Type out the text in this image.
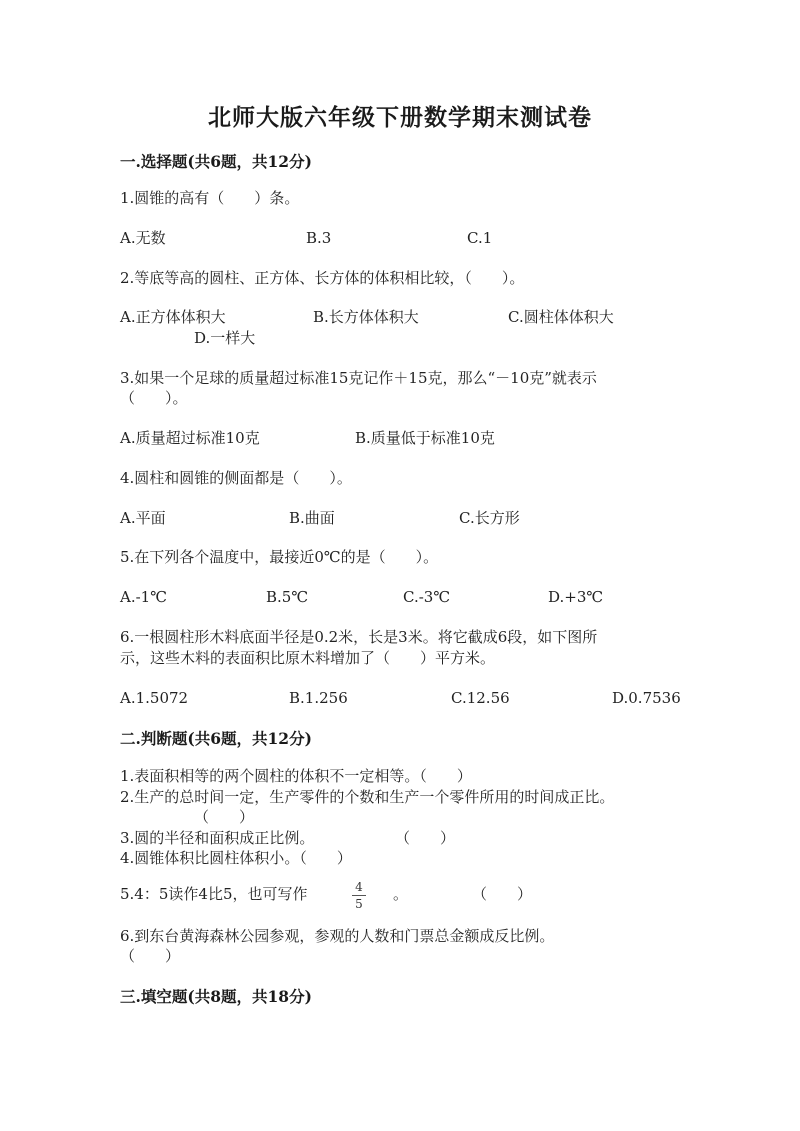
北师大版六年级下册数学期末测试卷
一.选择题(共6题，共12分)
1.圆锥的高有（　　）条。
A.无数	B.3	C.1
2.等底等高的圆柱、正方体、长方体的体积相比较，（　　）。
A.正方体体积大	B.长方体体积大	C.圆柱体体积大
D.一样大
3.如果一个足球的质量超过标准15克记作＋15克，那么“－10克”就表示
（　　）。
A.质量超过标准10克	B.质量低于标准10克
4.圆柱和圆锥的侧面都是（　　）。
A.平面	B.曲面	C.长方形
5.在下列各个温度中，最接近0℃的是（　　）。
A.-1℃	B.5℃	C.-3℃	D.+3℃
6.一根圆柱形木料底面半径是0.2米，长是3米。将它截成6段，如下图所
示，这些木料的表面积比原木料增加了（　　）平方米。
A.1.5072	B.1.256	C.12.56	D.0.7536
二.判断题(共6题，共12分)
1.表面积相等的两个圆柱的体积不一定相等。（　　）
2.生产的总时间一定，生产零件的个数和生产一个零件所用的时间成正比。
（　　）
3.圆的半径和面积成正比例。	（　　）
4.圆锥体积比圆柱体积小。（　　）
5.4：5读作4比5，也可写作	4
5
。	（　　）
6.到东台黄海森林公园参观，参观的人数和门票总金额成反比例。
（　　）
三.填空题(共8题，共18分)
